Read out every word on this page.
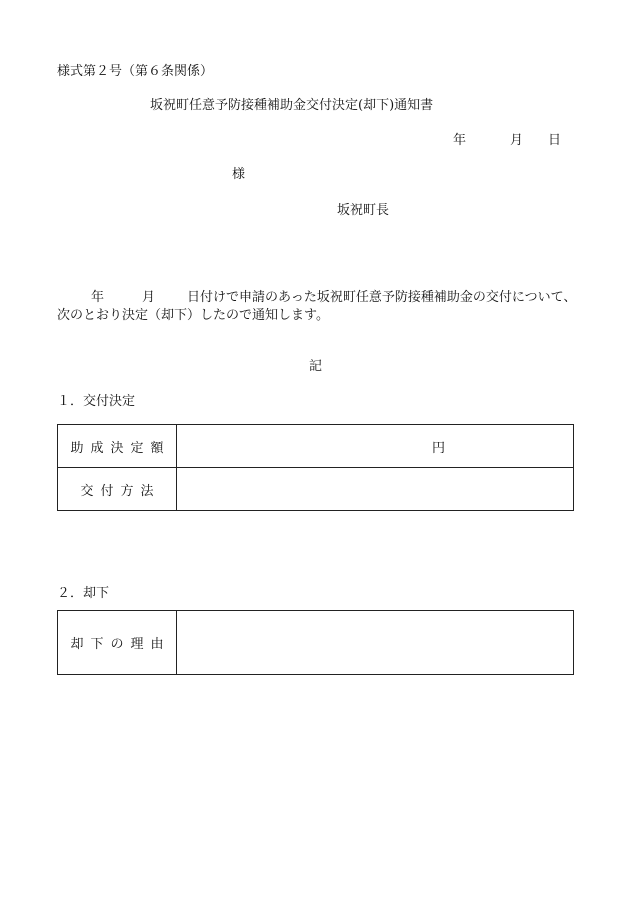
様式第２号（第６条関係）
坂祝町任意予防接種補助金交付決定(却下)通知書
年	月 日
様
坂祝町長
年	月 日付けで申請のあった坂祝町任意予防接種補助金の交付について、
次のとおり決定（却下）したので通知します。
記
１．交付決定
助成決定額	円
交付方法	
２．却下
却下の理由	
